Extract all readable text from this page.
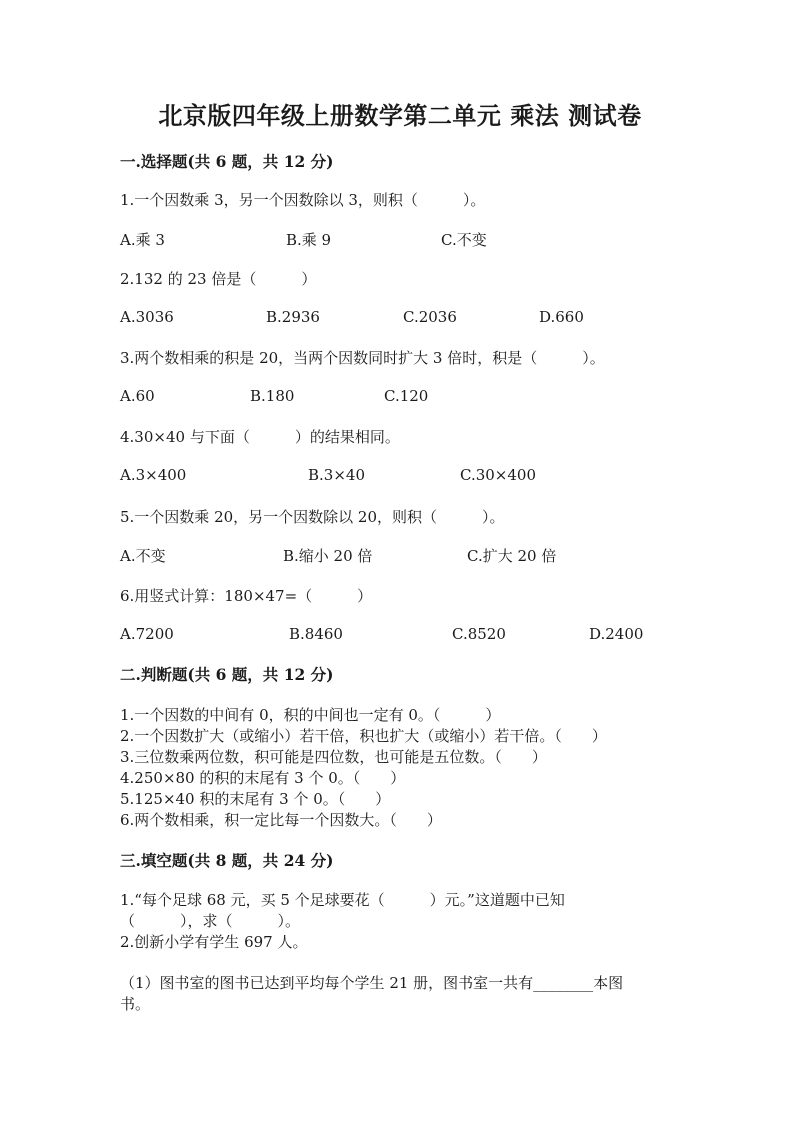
北京版四年级上册数学第二单元 乘法 测试卷
一.选择题(共 6 题，共 12 分)
1.一个因数乘 3，另一个因数除以 3，则积（　　　）。
A.乘 3	B.乘 9	C.不变
2.132 的 23 倍是（　　　）
A.3036	B.2936	C.2036	D.660
3.两个数相乘的积是 20，当两个因数同时扩大 3 倍时，积是（　　　）。
A.60	B.180	C.120
4.30×40 与下面（　　　）的结果相同。
A.3×400	B.3×40	C.30×400
5.一个因数乘 20，另一个因数除以 20，则积（　　　）。
A.不变	B.缩小 20 倍	C.扩大 20 倍
6.用竖式计算：180×47=（　　　）
A.7200	B.8460	C.8520	D.2400
二.判断题(共 6 题，共 12 分)
1.一个因数的中间有 0，积的中间也一定有 0。（　　　）
2.一个因数扩大（或缩小）若干倍，积也扩大（或缩小）若干倍。（　　）
3.三位数乘两位数，积可能是四位数，也可能是五位数。（　　）
4.250×80 的积的末尾有 3 个 0。（　　）
5.125×40 积的末尾有 3 个 0。（　　）
6.两个数相乘，积一定比每一个因数大。（　　）
三.填空题(共 8 题，共 24 分)
1.“每个足球 68 元，买 5 个足球要花（　　　）元。”这道题中已知
（　　　），求（　　　）。
2.创新小学有学生 697 人。
（1）图书室的图书已达到平均每个学生 21 册，图书室一共有________本图
书。
